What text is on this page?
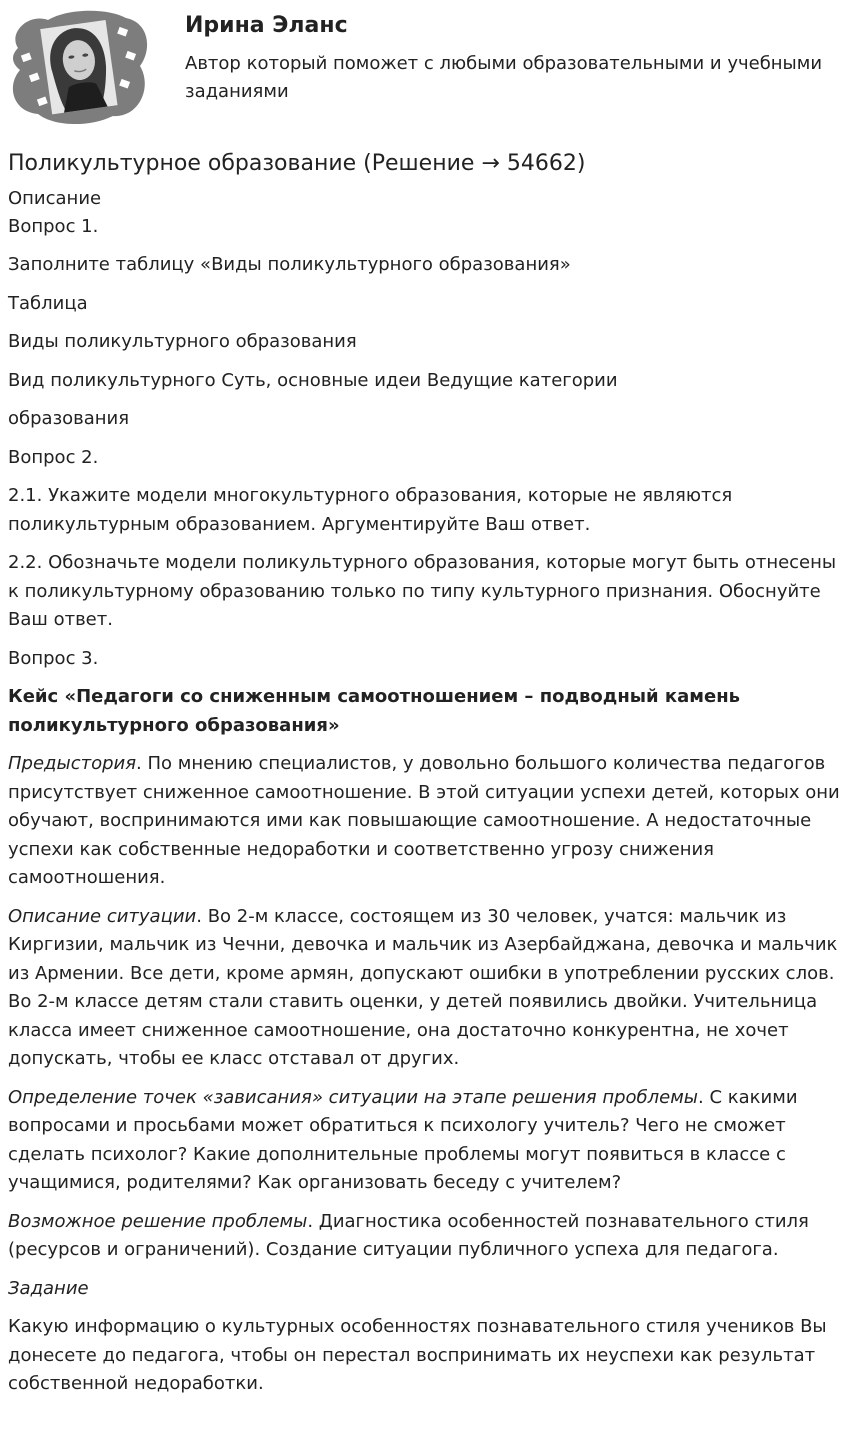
Ирина Эланс
Автор который поможет с любыми образовательными и учебными заданиями
Поликультурное образование (Решение → 54662)

Описание

Вопрос 1.

Заполните таблицу «Виды поликультурного образования»

Таблица

Виды поликультурного образования

Вид поликультурного Суть, основные идеи Ведущие категории

образования

Вопрос 2.

2.1. Укажите модели многокультурного образования, которые не являются поликультурным образованием. Аргументируйте Ваш ответ.

2.2. Обозначьте модели поликультурного образования, которые могут быть отнесены к поликультурному образованию только по типу культурного признания. Обоснуйте Ваш ответ.

Вопрос 3.

Кейс «Педагоги со сниженным самоотношением – подводный камень поликультурного образования»

Предыстория. По мнению специалистов, у довольно большого количества педагогов присутствует сниженное самоотношение. В этой ситуации успехи детей, которых они обучают, воспринимаются ими как повышающие самоотношение. А недостаточные успехи как собственные недоработки и соответственно угрозу снижения самоотношения.

Описание ситуации. Во 2-м классе, состоящем из 30 человек, учатся: мальчик из Киргизии, мальчик из Чечни, девочка и мальчик из Азербайджана, девочка и мальчик из Армении. Все дети, кроме армян, допускают ошибки в употреблении русских слов. Во 2-м классе детям стали ставить оценки, у детей появились двойки. Учительница класса имеет сниженное самоотношение, она достаточно конкурентна, не хочет допускать, чтобы ее класс отставал от других.

Определение точек «зависания» ситуации на этапе решения проблемы. С какими вопросами и просьбами может обратиться к психологу учитель? Чего не сможет сделать психолог? Какие дополнительные проблемы могут появиться в классе с учащимися, родителями? Как организовать беседу с учителем?

Возможное решение проблемы. Диагностика особенностей познавательного стиля (ресурсов и ограничений). Создание ситуации публичного успеха для педагога.

Задание

Какую информацию о культурных особенностях познавательного стиля учеников Вы донесете до педагога, чтобы он перестал воспринимать их неуспехи как результат собственной недоработки.
